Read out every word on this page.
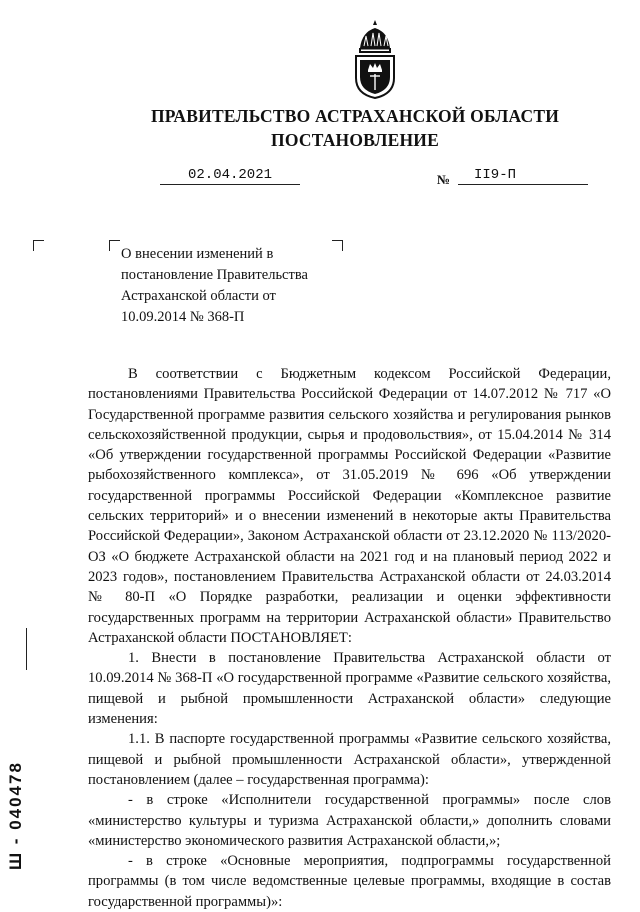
ПРАВИТЕЛЬСТВО АСТРАХАНСКОЙ ОБЛАСТИ
ПОСТАНОВЛЕНИЕ
02.04.2021	№	II9-П
О внесении изменений в постановление Правительства Астраханской области от 10.09.2014 № 368-П

В соответствии с Бюджетным кодексом Российской Федерации, постановлениями Правительства Российской Федерации от 14.07.2012 № 717 «О Государственной программе развития сельского хозяйства и регулирования рынков сельскохозяйственной продукции, сырья и продовольствия», от 15.04.2014 № 314 «Об утверждении государственной программы Российской Федерации «Развитие рыбохозяйственного комплекса», от 31.05.2019 № 696 «Об утверждении государственной программы Российской Федерации «Комплексное развитие сельских территорий» и о внесении изменений в некоторые акты Правительства Российской Федерации», Законом Астраханской области от 23.12.2020 № 113/2020-ОЗ «О бюджете Астраханской области на 2021 год и на плановый период 2022 и 2023 годов», постановлением Правительства Астраханской области от 24.03.2014 № 80-П «О Порядке разработки, реализации и оценки эффективности государственных программ на территории Астраханской области» Правительство Астраханской области ПОСТАНОВЛЯЕТ:

1. Внести в постановление Правительства Астраханской области от 10.09.2014 № 368-П «О государственной программе «Развитие сельского хозяйства, пищевой и рыбной промышленности Астраханской области» следующие изменения:

1.1. В паспорте государственной программы «Развитие сельского хозяйства, пищевой и рыбной промышленности Астраханской области», утвержденной постановлением (далее – государственная программа):

- в строке «Исполнители государственной программы» после слов «министерство культуры и туризма Астраханской области,» дополнить словами «министерство экономического развития Астраханской области,»;

- в строке «Основные мероприятия, подпрограммы государственной программы (в том числе ведомственные целевые программы, входящие в состав государственной программы)»:

Ш - 040478
